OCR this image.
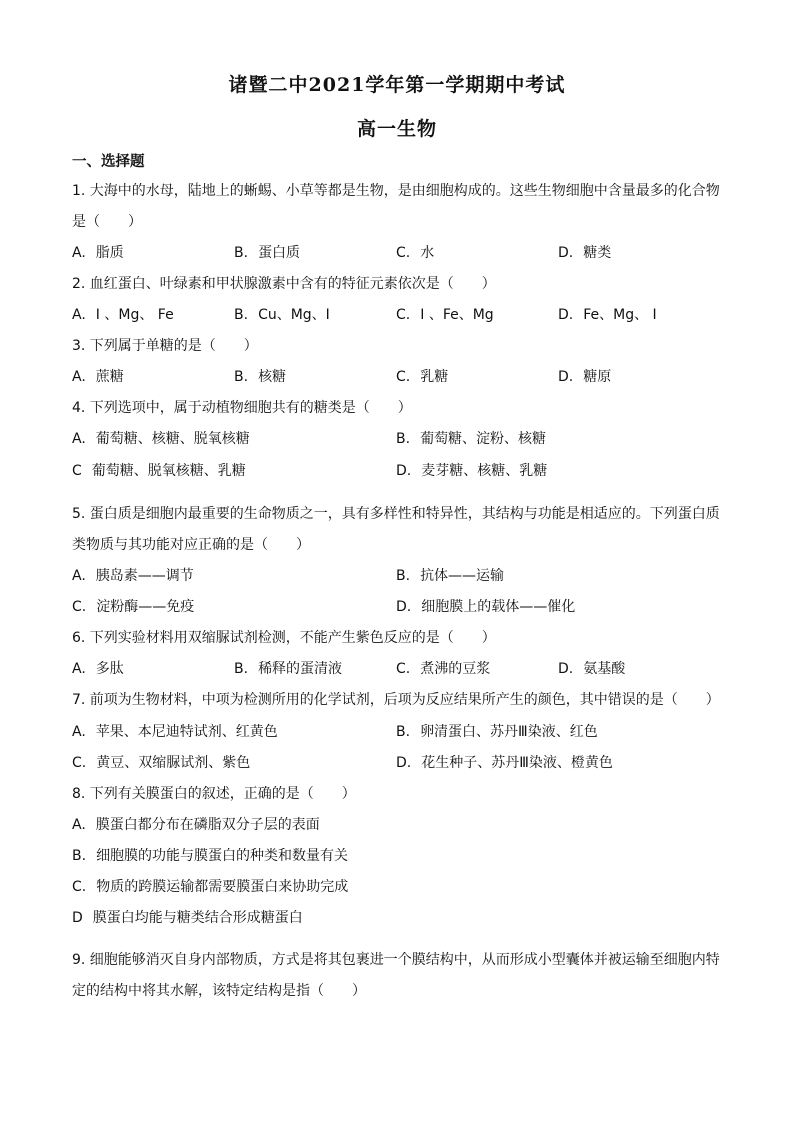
诸暨二中2021学年第一学期期中考试
高一生物
一、选择题
1. 大海中的水母，陆地上的蜥蜴、小草等都是生物，是由细胞构成的。这些生物细胞中含量最多的化合物是（　　）
A. 脂质	B. 蛋白质	C. 水	D. 糖类
2. 血红蛋白、叶绿素和甲状腺激素中含有的特征元素依次是（　　）
A. I 、Mg、 Fe	B. Cu、Mg、I	C. I 、Fe、Mg	D. Fe、Mg、 I
3. 下列属于单糖的是（　　）
A. 蔗糖	B. 核糖	C. 乳糖	D. 糖原
4. 下列选项中，属于动植物细胞共有的糖类是（　　）
A. 葡萄糖、核糖、脱氧核糖	B. 葡萄糖、淀粉、核糖
C 葡萄糖、脱氧核糖、乳糖	D. 麦芽糖、核糖、乳糖
5. 蛋白质是细胞内最重要的生命物质之一，具有多样性和特异性，其结构与功能是相适应的。下列蛋白质类物质与其功能对应正确的是（　　）
A. 胰岛素——调节	B. 抗体——运输
C. 淀粉酶——免疫	D. 细胞膜上的载体——催化
6. 下列实验材料用双缩脲试剂检测，不能产生紫色反应的是（　　）
A. 多肽	B. 稀释的蛋清液	C. 煮沸的豆浆	D. 氨基酸
7. 前项为生物材料，中项为检测所用的化学试剂，后项为反应结果所产生的颜色，其中错误的是（　　）
A. 苹果、本尼迪特试剂、红黄色	B. 卵清蛋白、苏丹Ⅲ染液、红色
C. 黄豆、双缩脲试剂、紫色	D. 花生种子、苏丹Ⅲ染液、橙黄色
8. 下列有关膜蛋白的叙述，正确的是（　　）
A. 膜蛋白都分布在磷脂双分子层的表面
B. 细胞膜的功能与膜蛋白的种类和数量有关
C. 物质的跨膜运输都需要膜蛋白来协助完成
D 膜蛋白均能与糖类结合形成糖蛋白
9. 细胞能够消灭自身内部物质，方式是将其包裹进一个膜结构中，从而形成小型囊体并被运输至细胞内特定的结构中将其水解，该特定结构是指（　　）
